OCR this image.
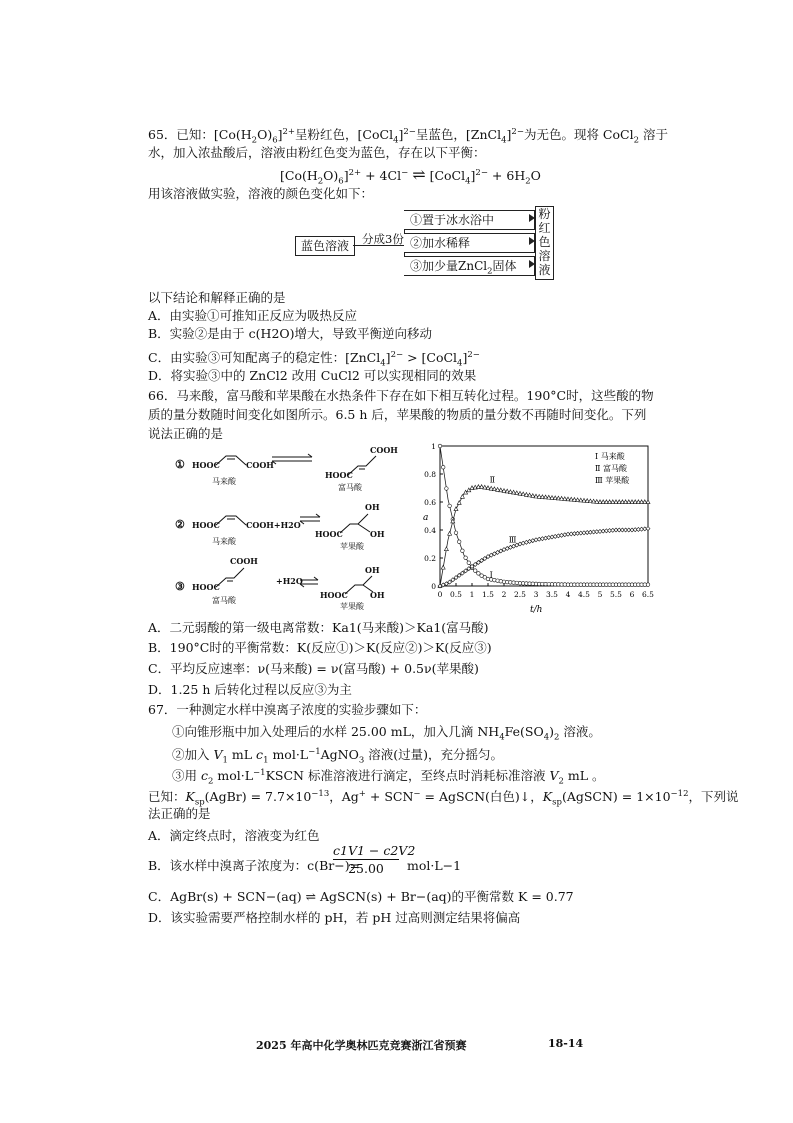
65．已知：$[Co(H_2O)_6]^{2+}$呈粉红色，[CoCl$_4$]$^{2-}$呈蓝色，[ZnCl$_4$]$^{2-}$为无色。现将 CoCl$_2$ 溶于
水，加入浓盐酸后，溶液由粉红色变为蓝色，存在以下平衡：
$[Co(H_2O)_6]^{2+} + 4Cl^-$ ⇌ [CoCl$_4$]$^{2-}$ + $6H_2O$
用该溶液做实验，溶液的颜色变化如下：
蓝色溶液	分成3份
①置于冰水浴中
②加水稀释
③加少量ZnCl$_2$固体
粉红色溶液
以下结论和解释正确的是
A．由实验①可推知正反应为吸热反应
B．实验②是由于 c(H2O)增大，导致平衡逆向移动
C．由实验③可知配离子的稳定性：[ZnCl$_4$]$^{2-}$ > [CoCl$_4$]$^{2-}$
D．将实验③中的 ZnCl2 改用 CuCl2 可以实现相同的效果
66．马来酸，富马酸和苹果酸在水热条件下存在如下相互转化过程。190°C时，这些酸的物
质的量分数随时间变化如图所示。6.5 h 后，苹果酸的物质的量分数不再随时间变化。下列
说法正确的是
① HOOC	COOH
马来酸
COOH
HOOC
富马酸
② HOOC	COOH+H2O
马来酸
OH
HOOC	OH
苹果酸
③ HOOC
COOH
富马酸
+H2O
OH
HOOC	OH
苹果酸
a
t/h
0 0.5 1 1.5 2 2.5 3 3.5 4 4.5 5 5.5 6 6.5
0
0.2
0.4
0.6
0.8
1
Ⅰ
Ⅱ
Ⅲ
Ⅰ 马来酸
Ⅱ 富马酸
Ⅲ 苹果酸
A．二元弱酸的第一级电离常数：Ka1(马来酸)＞Ka1(富马酸)
B．190°C时的平衡常数：K(反应①)＞K(反应②)＞K(反应③)
C．平均反应速率：ν(马来酸) = ν(富马酸) + 0.5ν(苹果酸)
D．1.25 h 后转化过程以反应③为主
67．一种测定水样中溴离子浓度的实验步骤如下：
①向锥形瓶中加入处理后的水样 25.00 mL，加入几滴 $NH_4Fe(SO_4)_2$ 溶液。
②加入 $V_1$ mL $c_1$ $mol\cdot L^{-1}AgNO_3$ 溶液(过量)，充分摇匀。
③用 $c_2$ $mol\cdot L^{-1}KSCN$ 标准溶液进行滴定，至终点时消耗标准溶液 $V_2$ mL 。
已知：$K_{sp}(AgBr) = 7.7\times 10^{-13}$，Ag+ + SCN− = AgSCN(白色)↓，$K_{sp}(AgSCN) = 1\times 10^{-12}$，下列说
法正确的是
A．滴定终点时，溶液变为红色
B．该水样中溴离子浓度为：c(Br−)=
$\frac{c1V1 - c2V2}{25.00} mol\cdot L-1$
C．AgBr(s) + SCN−(aq) ⇌ AgSCN(s) + Br−(aq)的平衡常数 K = 0.77
D．该实验需要严格控制水样的 pH，若 pH 过高则测定结果将偏高
2025 年高中化学奥林匹克竞赛浙江省预赛	18-14
